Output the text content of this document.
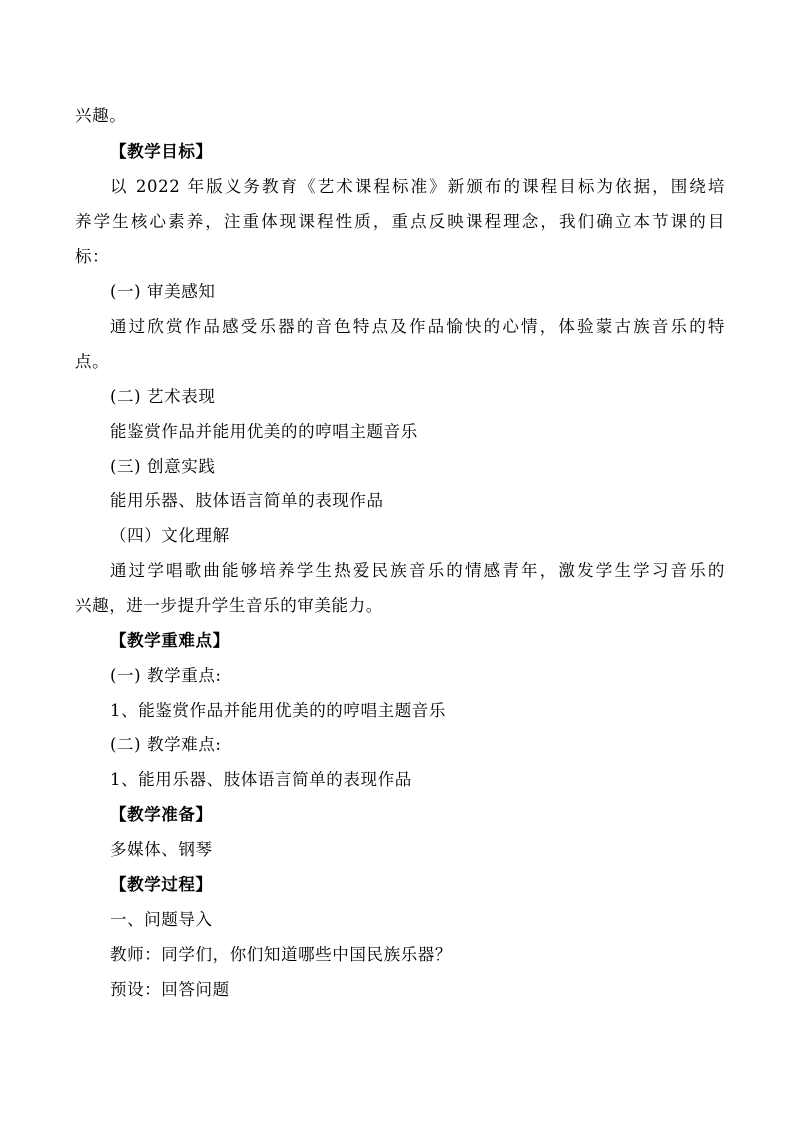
兴趣。
【教学目标】
以 2022 年版义务教育《艺术课程标准》新颁布的课程目标为依据，围绕培
养学生核心素养，注重体现课程性质，重点反映课程理念，我们确立本节课的目
标：
(一) 审美感知
通过欣赏作品感受乐器的音色特点及作品愉快的心情，体验蒙古族音乐的特
点。
(二) 艺术表现
能鉴赏作品并能用优美的的哼唱主题音乐
(三) 创意实践
能用乐器、肢体语言简单的表现作品
（四）文化理解
通过学唱歌曲能够培养学生热爱民族音乐的情感青年，激发学生学习音乐的
兴趣，进一步提升学生音乐的审美能力。
【教学重难点】
(一) 教学重点:
1、能鉴赏作品并能用优美的的哼唱主题音乐
(二) 教学难点:
1、能用乐器、肢体语言简单的表现作品
【教学准备】
多媒体、钢琴
【教学过程】
一、问题导入
教师：同学们，你们知道哪些中国民族乐器？
预设：回答问题
